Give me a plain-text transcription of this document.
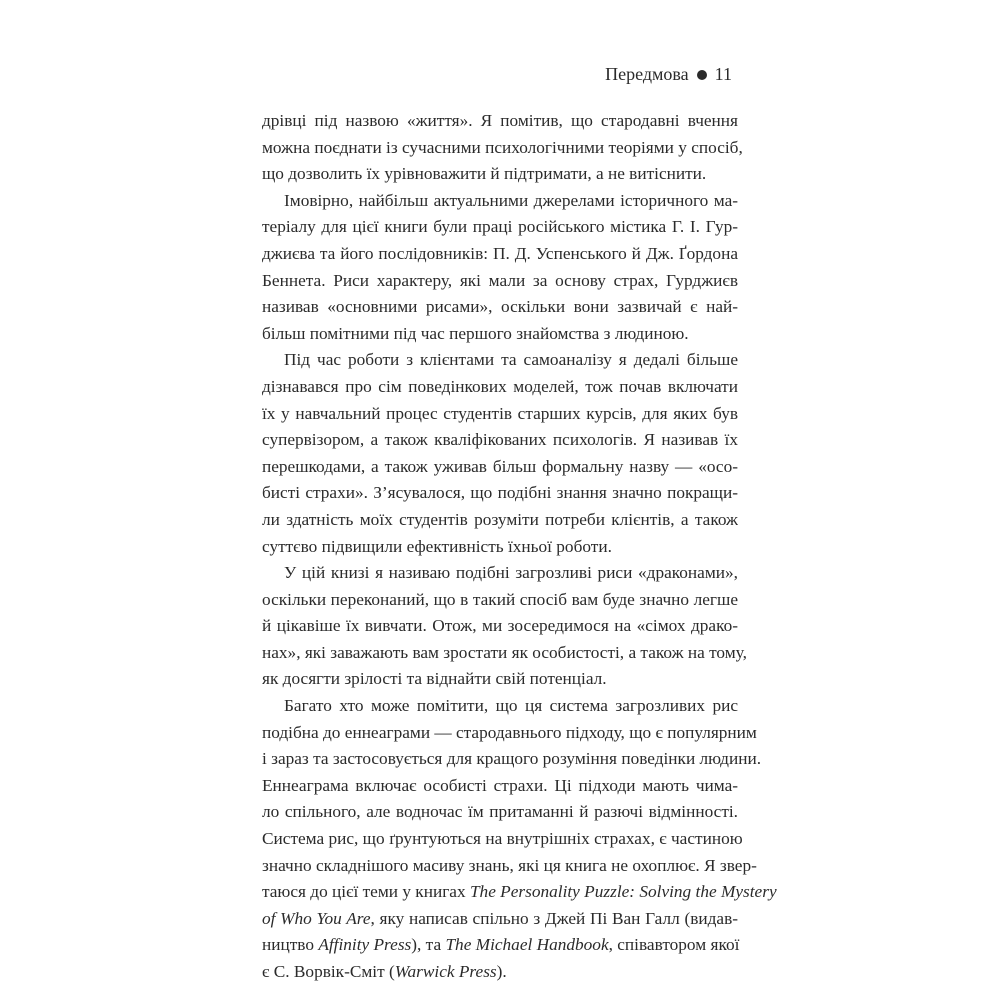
Передмова 11
дрівці під назвою «життя». Я помітив, що стародавні вчення
можна поєднати із сучасними психологічними теоріями у спосіб,
що дозволить їх урівноважити й підтримати, а не витіснити.
Імовірно, найбільш актуальними джерелами історичного ма-
теріалу для цієї книги були праці російського містика Г. І. Гур-
джиєва та його послідовників: П. Д. Успенського й Дж. Ґордона
Беннета. Риси характеру, які мали за основу страх, Гурджиєв
називав «основними рисами», оскільки вони зазвичай є най-
більш помітними під час першого знайомства з людиною.
Під час роботи з клієнтами та самоаналізу я дедалі більше
дізнавався про сім поведінкових моделей, тож почав включати
їх у навчальний процес студентів старших курсів, для яких був
супервізором, а також кваліфікованих психологів. Я називав їх
перешкодами, а також уживав більш формальну назву — «осо-
бисті страхи». З’ясувалося, що подібні знання значно покращи-
ли здатність моїх студентів розуміти потреби клієнтів, а також
суттєво підвищили ефективність їхньої роботи.
У цій книзі я називаю подібні загрозливі риси «драконами»,
оскільки переконаний, що в такий спосіб вам буде значно легше
й цікавіше їх вивчати. Отож, ми зосередимося на «сімох драко-
нах», які заважають вам зростати як особистості, а також на тому,
як досягти зрілості та віднайти свій потенціал.
Багато хто може помітити, що ця система загрозливих рис
подібна до еннеаграми — стародавнього підходу, що є популярним
і зараз та застосовується для кращого розуміння поведінки людини.
Еннеаграма включає особисті страхи. Ці підходи мають чима-
ло спільного, але водночас їм притаманні й разючі відмінності.
Система рис, що ґрунтуються на внутрішніх страхах, є частиною
значно складнішого масиву знань, які ця книга не охоплює. Я звер-
таюся до цієї теми у книгах The Personality Puzzle: Solving the Mystery
of Who You Are, яку написав спільно з Джей Пі Ван Галл (видав-
ництво Affinity Press), та The Michael Handbook, співавтором якої
є С. Ворвік-Сміт (Warwick Press).
